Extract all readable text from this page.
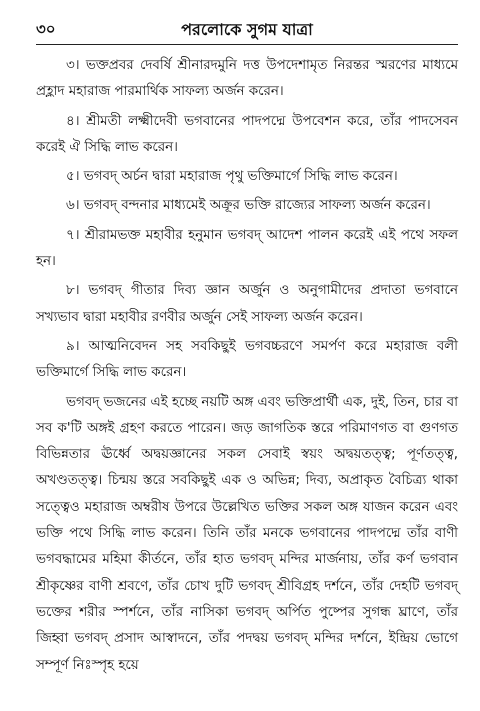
৩০	পরলোকে সুগম যাত্রা

৩। ভক্তপ্রবর দেবর্ষি শ্রীনারদমুনি দত্ত উপদেশামৃত নিরন্তর স্মরণের মাধ্যমে প্রহ্লাদ মহারাজ পারমার্থিক সাফল্য অর্জন করেন।

৪। শ্রীমতী লক্ষ্মীদেবী ভগবানের পাদপদ্মে উপবেশন করে, তাঁর পাদসেবন করেই ঐ সিদ্ধি লাভ করেন।

৫। ভগবদ্ অর্চন দ্বারা মহারাজ পৃথু ভক্তিমার্গে সিদ্ধি লাভ করেন।

৬। ভগবদ্ বন্দনার মাধ্যমেই অক্রূর ভক্তি রাজ্যের সাফল্য অর্জন করেন।

৭। শ্রীরামভক্ত মহাবীর হনুমান ভগবদ্ আদেশ পালন করেই এই পথে সফল হন।

৮। ভগবদ্ গীতার দিব্য জ্ঞান অর্জুন ও অনুগামীদের প্রদাতা ভগবানে সখ্যভাব দ্বারা মহাবীর রণবীর অর্জুন সেই সাফল্য অর্জন করেন।

৯। আত্মনিবেদন সহ সবকিছুই ভগবচ্চরণে সমর্পণ করে মহারাজ বলী ভক্তিমার্গে সিদ্ধি লাভ করেন।

ভগবদ্ ভজনের এই হচ্ছে নয়টি অঙ্গ এবং ভক্তিপ্রার্থী এক, দুই, তিন, চার বা সব ক'টি অঙ্গই গ্রহণ করতে পারেন। জড় জাগতিক স্তরে পরিমাণগত বা গুণগত বিভিন্নতার ঊর্ধ্বে অদ্বয়জ্ঞানের সকল সেবাই স্বয়ং অদ্বয়তত্ত্ব; পূর্ণতত্ত্ব, অখণ্ডতত্ত্ব। চিন্ময় স্তরে সবকিছুই এক ও অভিন্ন; দিব্য, অপ্রাকৃত বৈচিত্র্য থাকা সত্ত্বেও মহারাজ অম্বরীষ উপরে উল্লেখিত ভক্তির সকল অঙ্গ যাজন করেন এবং ভক্তি পথে সিদ্ধি লাভ করেন। তিনি তাঁর মনকে ভগবানের পাদপদ্মে তাঁর বাণী ভগবদ্ধামের মহিমা কীর্তনে, তাঁর হাত ভগবদ্ মন্দির মার্জনায়, তাঁর কর্ণ ভগবান শ্রীকৃষ্ণের বাণী শ্রবণে, তাঁর চোখ দুটি ভগবদ্ শ্রীবিগ্রহ দর্শনে, তাঁর দেহটি ভগবদ্ ভক্তের শরীর স্পর্শনে, তাঁর নাসিকা ভগবদ্ অর্পিত পুষ্পের সুগন্ধ ঘ্রাণে, তাঁর জিহ্বা ভগবদ্ প্রসাদ আস্বাদনে, তাঁর পদদ্বয় ভগবদ্ মন্দির দর্শনে, ইন্দ্রিয় ভোগে সম্পূর্ণ নিঃস্পৃহ হয়ে
